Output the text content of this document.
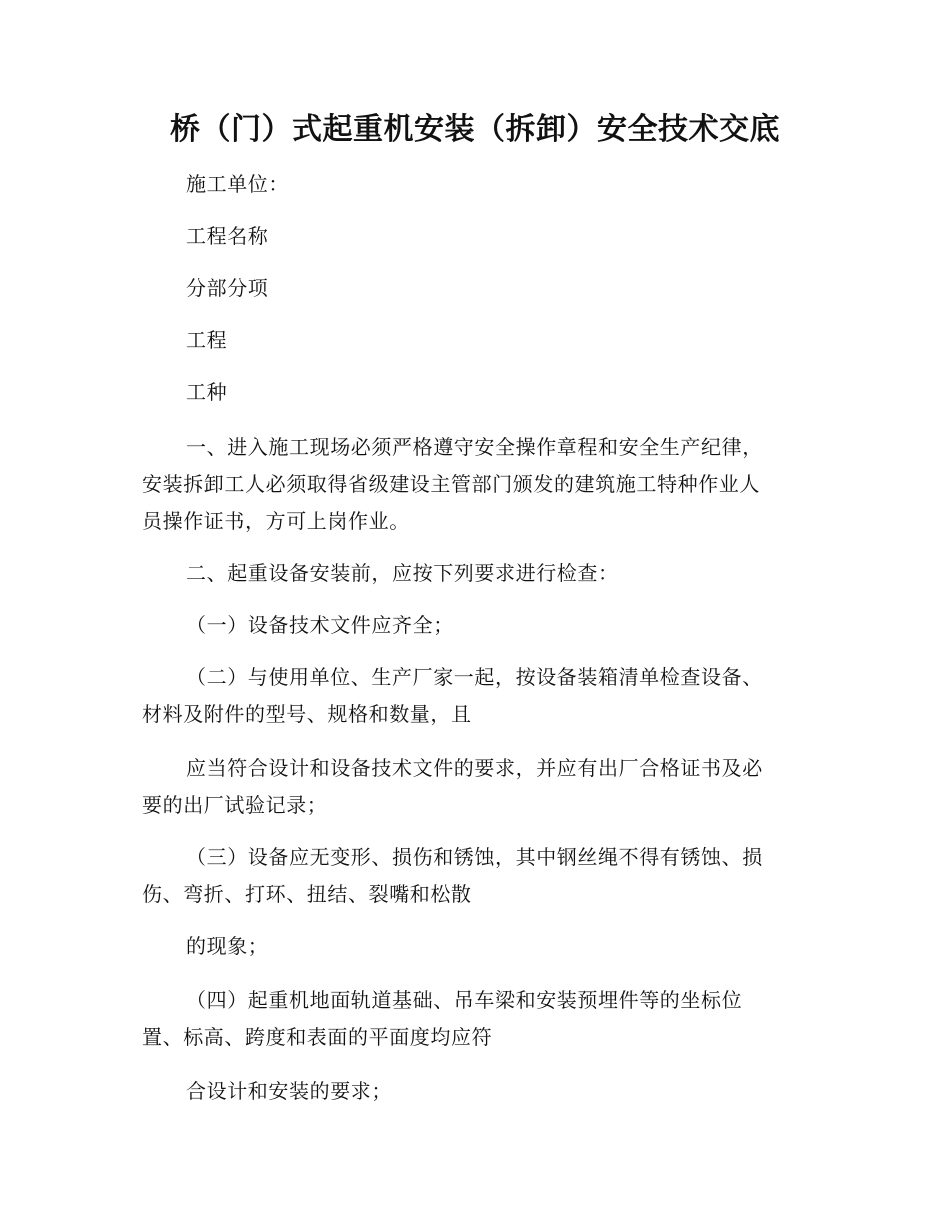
桥（门）式起重机安装（拆卸）安全技术交底

施工单位：

工程名称

分部分项

工程

工种

一、进入施工现场必须严格遵守安全操作章程和安全生产纪律，

安装拆卸工人必须取得省级建设主管部门颁发的建筑施工特种作业人

员操作证书，方可上岗作业。

二、起重设备安装前，应按下列要求进行检查：

（一）设备技术文件应齐全；

（二）与使用单位、生产厂家一起，按设备装箱清单检查设备、

材料及附件的型号、规格和数量，且

应当符合设计和设备技术文件的要求，并应有出厂合格证书及必

要的出厂试验记录；

（三）设备应无变形、损伤和锈蚀，其中钢丝绳不得有锈蚀、损

伤、弯折、打环、扭结、裂嘴和松散

的现象；

（四）起重机地面轨道基础、吊车梁和安装预埋件等的坐标位

置、标高、跨度和表面的平面度均应符

合设计和安装的要求；
